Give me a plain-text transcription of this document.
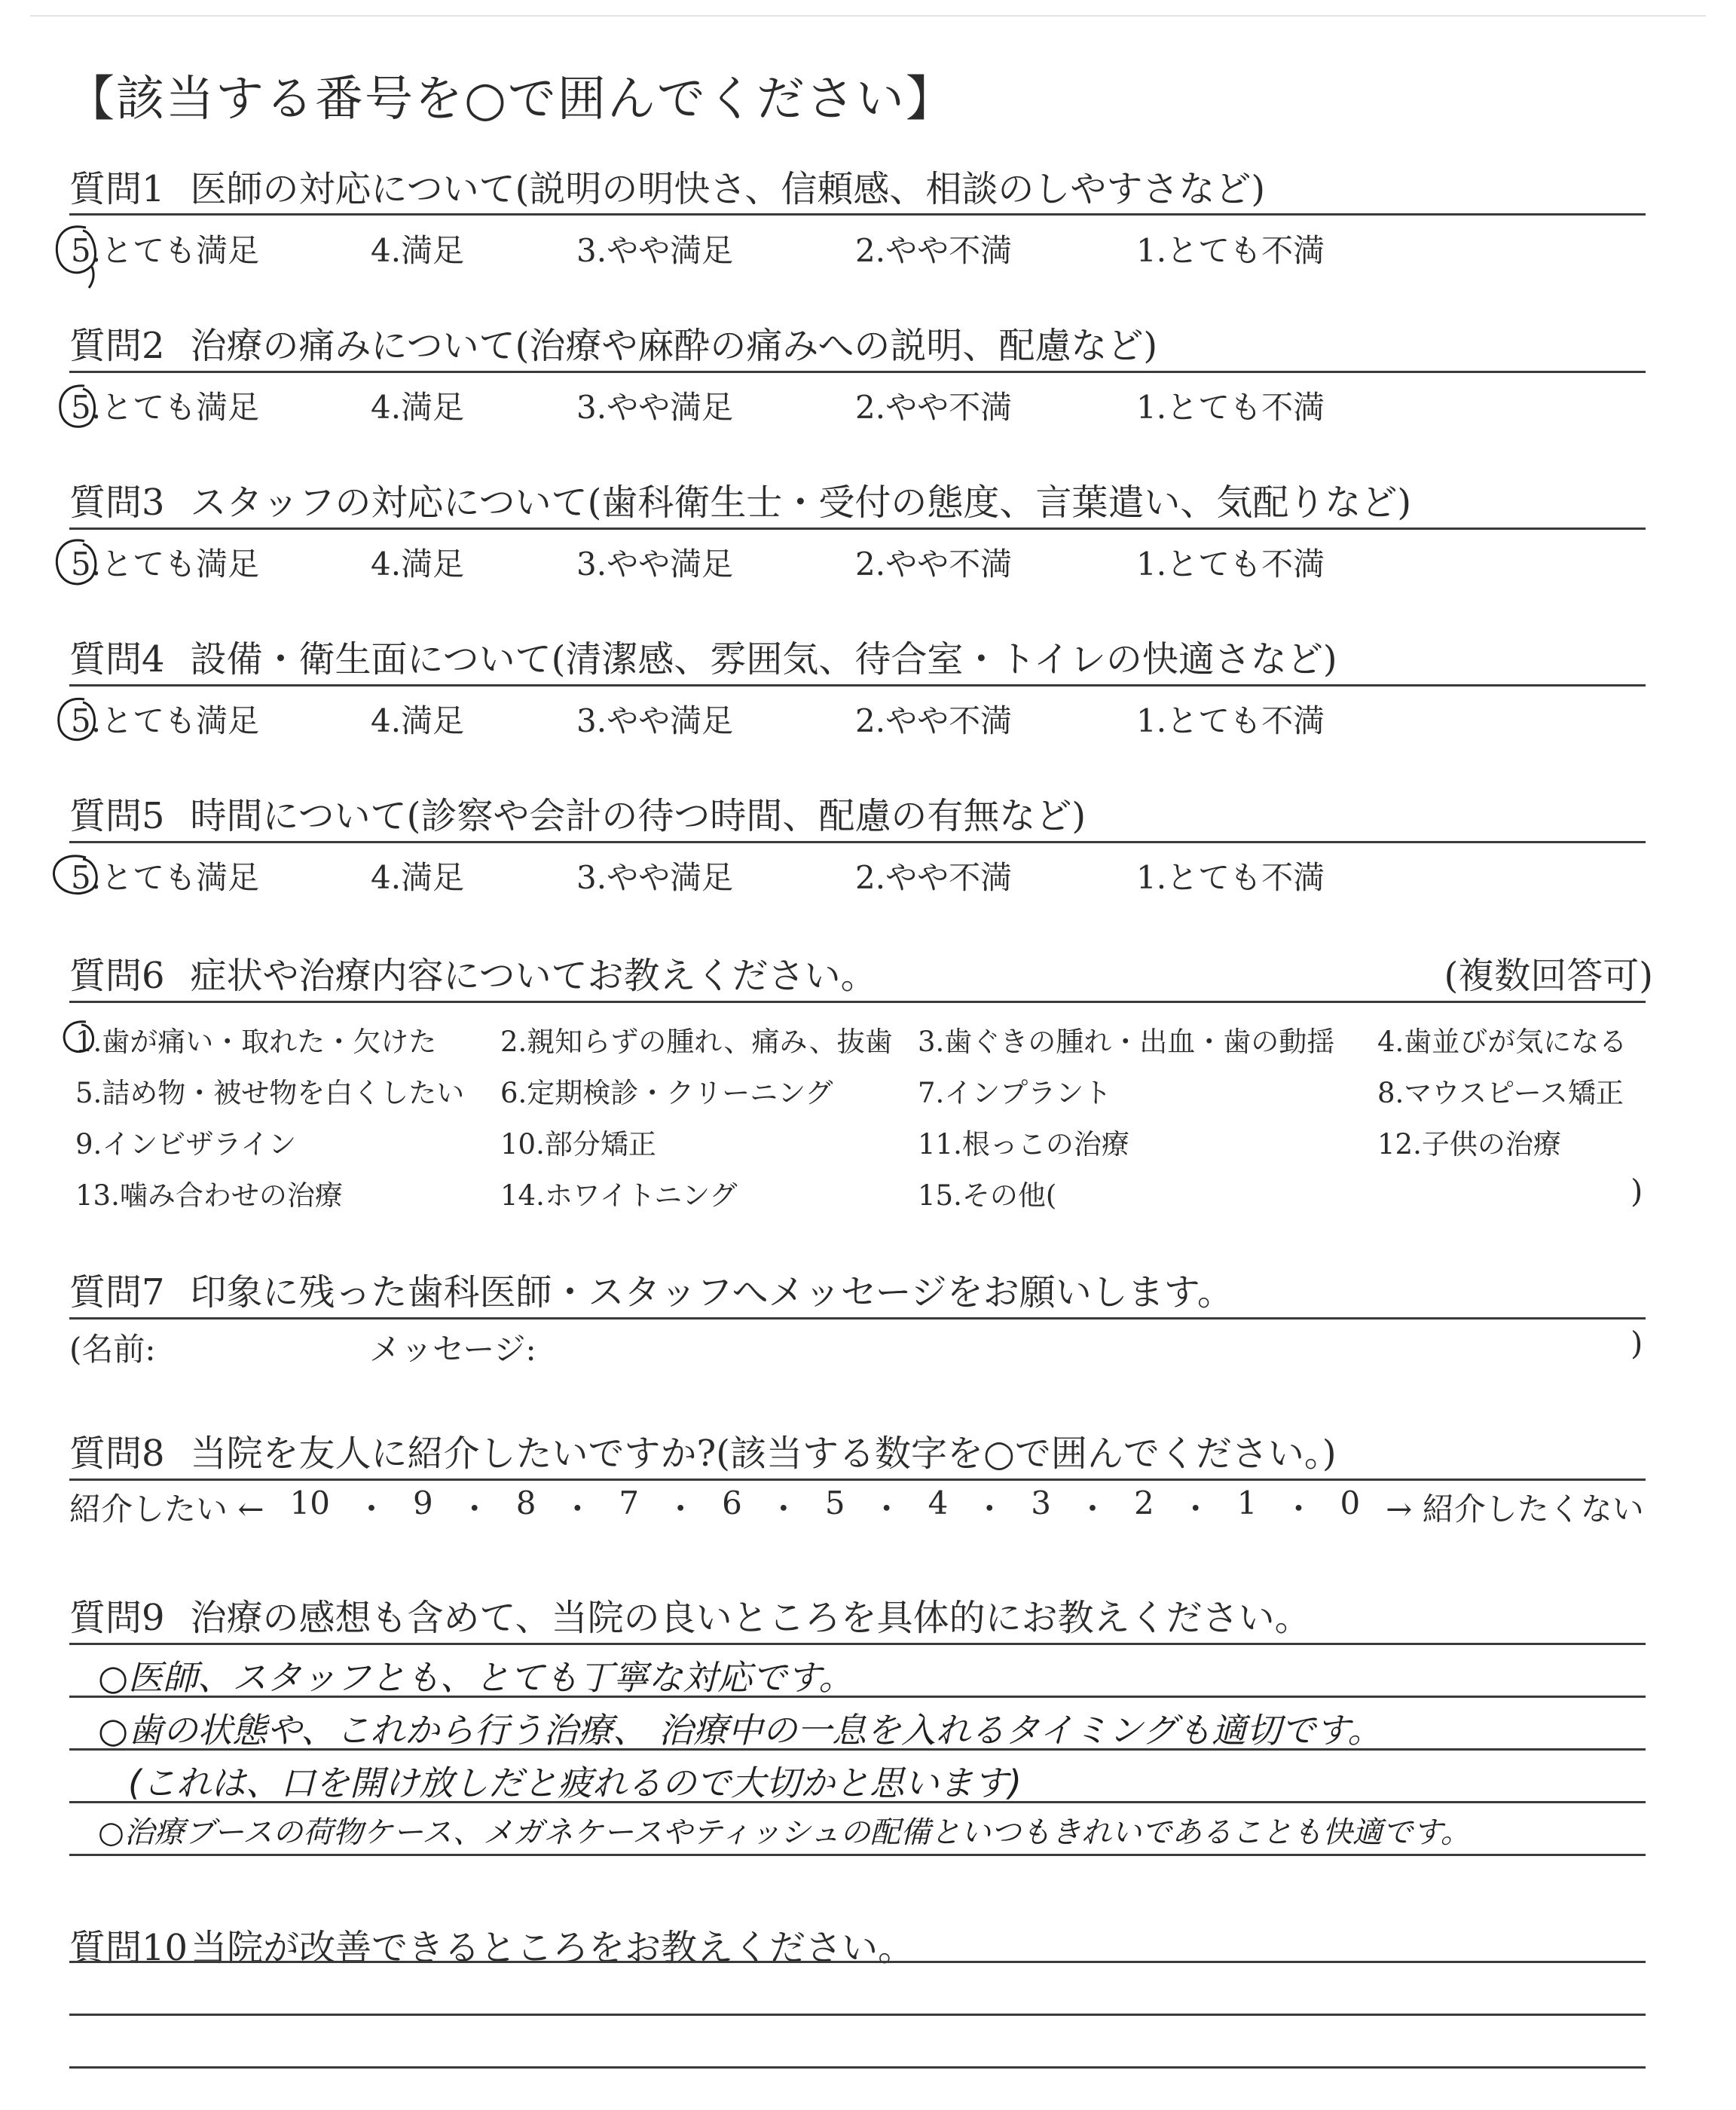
【該当する番号を○で囲んでください】
質問1 医師の対応について(説明の明快さ、信頼感、相談のしやすさなど)
5.とても満足	4.満足	3.やや満足	2.やや不満	1.とても不満
質問2 治療の痛みについて(治療や麻酔の痛みへの説明、配慮など)
5.とても満足	4.満足	3.やや満足	2.やや不満	1.とても不満
質問3 スタッフの対応について(歯科衛生士・受付の態度、言葉遣い、気配りなど)
5.とても満足	4.満足	3.やや満足	2.やや不満	1.とても不満
質問4 設備・衛生面について(清潔感、雰囲気、待合室・トイレの快適さなど)
5.とても満足	4.満足	3.やや満足	2.やや不満	1.とても不満
質問5 時間について(診察や会計の待つ時間、配慮の有無など)
5.とても満足	4.満足	3.やや満足	2.やや不満	1.とても不満
質問6 症状や治療内容についてお教えください。	(複数回答可)
1.歯が痛い・取れた・欠けた 2.親知らずの腫れ、痛み、抜歯 3.歯ぐきの腫れ・出血・歯の動揺 4.歯並びが気になる
5.詰め物・被せ物を白くしたい 6.定期検診・クリーニング	7.インプラント	8.マウスピース矯正
9.インビザライン	10.部分矯正	11.根っこの治療	12.子供の治療
13.噛み合わせの治療	14.ホワイトニング	15.その他(	)
質問7 印象に残った歯科医師・スタッフへメッセージをお願いします。
(名前:	メッセージ:	)
質問8 当院を友人に紹介したいですか?(該当する数字を○で囲んでください。)
紹介したい ← 10 ・ 9 ・ 8 ・ 7 ・ 6 ・ 5 ・ 4 ・ 3 ・ 2 ・ 1 ・ 0 → 紹介したくない
質問9 治療の感想も含めて、当院の良いところを具体的にお教えください。
○医師、スタッフとも、とても丁寧な対応です。
○歯の状態や、これから行う治療、 治療中の一息を入れるタイミングも適切です。
(これは、口を開け放しだと疲れるので大切かと思います)
○治療ブースの荷物ケース、メガネケースやティッシュの配備といつもきれいであることも快適です。
質問10当院が改善できるところをお教えください。
